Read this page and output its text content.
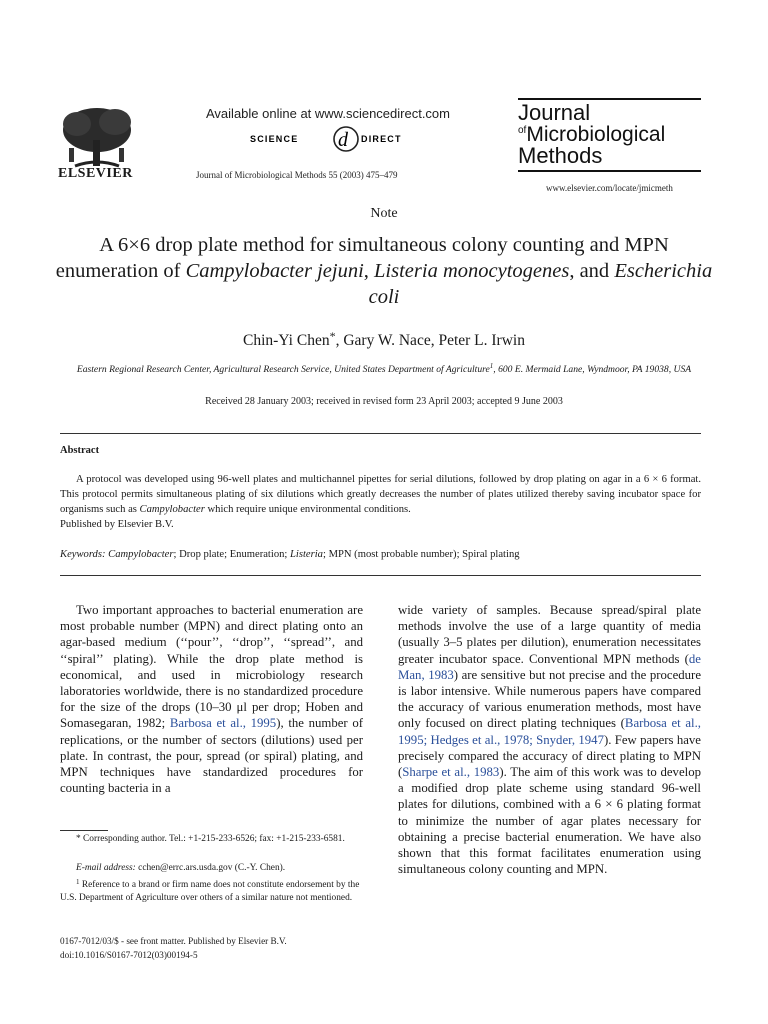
ELSEVIER
Available online at www.sciencedirect.com
SCIENCE d DIRECT
Journal of Microbiological Methods 55 (2003) 475–479
Journal
$^{of}$Microbiological
Methods
www.elsevier.com/locate/jmicmeth
Note
A 6×6 drop plate method for simultaneous colony counting and MPN enumeration of Campylobacter jejuni, Listeria monocytogenes, and Escherichia coli
Chin-Yi Chen*, Gary W. Nace, Peter L. Irwin
Eastern Regional Research Center, Agricultural Research Service, United States Department of Agriculture$^1$, 600 E. Mermaid Lane, Wyndmoor, PA 19038, USA
Received 28 January 2003; received in revised form 23 April 2003; accepted 9 June 2003
Abstract
A protocol was developed using 96-well plates and multichannel pipettes for serial dilutions, followed by drop plating on agar in a 6 × 6 format. This protocol permits simultaneous plating of six dilutions which greatly decreases the number of plates utilized thereby saving incubator space for organisms such as Campylobacter which require unique environmental conditions.
Published by Elsevier B.V.
Keywords: Campylobacter; Drop plate; Enumeration; Listeria; MPN (most probable number); Spiral plating
Two important approaches to bacterial enumeration are most probable number (MPN) and direct plating onto an agar-based medium (‘‘pour’’, ‘‘drop’’, ‘‘spread’’, and ‘‘spiral’’ plating). While the drop plate method is economical, and used in microbiology research laboratories worldwide, there is no standardized procedure for the size of the drops (10–30 μl per drop; Hoben and Somasegaran, 1982; Barbosa et al., 1995), the number of replications, or the number of sectors (dilutions) used per plate. In contrast, the pour, spread (or spiral) plating, and MPN techniques have standardized procedures for counting bacteria in a
wide variety of samples. Because spread/spiral plate methods involve the use of a large quantity of media (usually 3–5 plates per dilution), enumeration necessitates greater incubator space. Conventional MPN methods (de Man, 1983) are sensitive but not precise and the procedure is labor intensive. While numerous papers have compared the accuracy of various enumeration methods, most have only focused on direct plating techniques (Barbosa et al., 1995; Hedges et al., 1978; Snyder, 1947). Few papers have precisely compared the accuracy of direct plating to MPN (Sharpe et al., 1983). The aim of this work was to develop a modified drop plate scheme using standard 96-well plates for dilutions, combined with a 6 × 6 plating format to minimize the number of agar plates necessary for obtaining a precise bacterial enumeration. We have also shown that this format facilitates enumeration using simultaneous colony counting and MPN.
* Corresponding author. Tel.: +1-215-233-6526; fax: +1-215-233-6581.
E-mail address: cchen@errc.ars.usda.gov (C.-Y. Chen).
$^1$ Reference to a brand or firm name does not constitute endorsement by the U.S. Department of Agriculture over others of a similar nature not mentioned.
0167-7012/03/$ - see front matter. Published by Elsevier B.V.
doi:10.1016/S0167-7012(03)00194-5
